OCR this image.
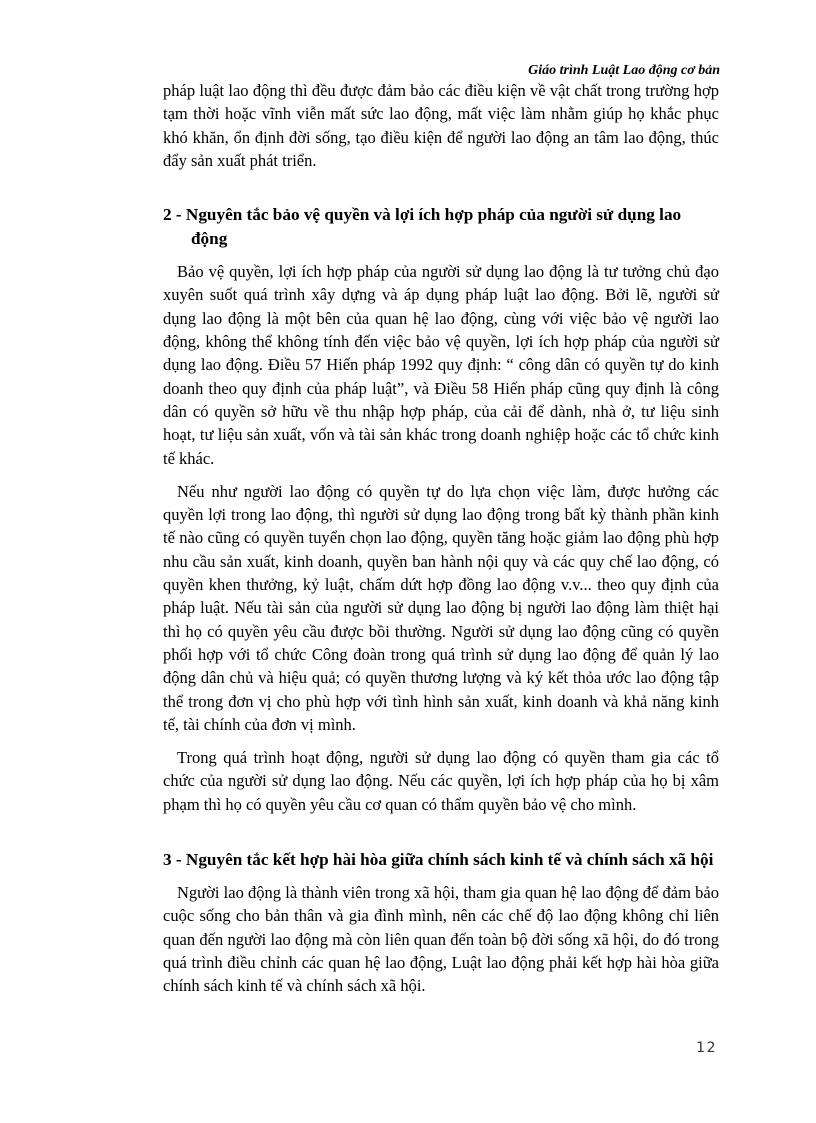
Giáo trình Luật Lao động cơ bản

pháp luật lao động thì đều được đảm bảo các điều kiện về vật chất trong trường hợp tạm thời hoặc vĩnh viễn mất sức lao động, mất việc làm nhằm giúp họ khắc phục khó khăn, ổn định đời sống, tạo điều kiện để người lao động an tâm lao động, thúc đẩy sản xuất phát triển.

2 - Nguyên tắc bảo vệ quyền và lợi ích hợp pháp của người sử dụng lao động

Bảo vệ quyền, lợi ích hợp pháp của người sử dụng lao động là tư tưởng chủ đạo xuyên suốt quá trình xây dựng và áp dụng pháp luật lao động. Bởi lẽ, người sử dụng lao động là một bên của quan hệ lao động, cùng với việc bảo vệ người lao động, không thể không tính đến việc bảo vệ quyền, lợi ích hợp pháp của người sử dụng lao động. Điều 57 Hiến pháp 1992 quy định: “ công dân có quyền tự do kinh doanh theo quy định của pháp luật”, và Điều 58 Hiến pháp cũng quy định là công dân có quyền sở hữu về thu nhập hợp pháp, của cải để dành, nhà ở, tư liệu sinh hoạt, tư liệu sản xuất, vốn và tài sản khác trong doanh nghiệp hoặc các tổ chức kinh tế khác.

Nếu như người lao động có quyền tự do lựa chọn việc làm, được hưởng các quyền lợi trong lao động, thì người sử dụng lao động trong bất kỳ thành phần kinh tế nào cũng có quyền tuyển chọn lao động, quyền tăng hoặc giảm lao động phù hợp nhu cầu sản xuất, kinh doanh, quyền ban hành nội quy và các quy chế lao động, có quyền khen thưởng, kỷ luật, chấm dứt hợp đồng lao động v.v... theo quy định của pháp luật. Nếu tài sản của người sử dụng lao động bị người lao động làm thiệt hại thì họ có quyền yêu cầu được bồi thường. Người sử dụng lao động cũng có quyền phối hợp với tổ chức Công đoàn trong quá trình sử dụng lao động để quản lý lao động dân chủ và hiệu quả; có quyền thương lượng và ký kết thỏa ước lao động tập thể trong đơn vị cho phù hợp với tình hình sản xuất, kinh doanh và khả năng kinh tế, tài chính của đơn vị mình.

Trong quá trình hoạt động, người sử dụng lao động có quyền tham gia các tổ chức của người sử dụng lao động. Nếu các quyền, lợi ích hợp pháp của họ bị xâm phạm thì họ có quyền yêu cầu cơ quan có thẩm quyền bảo vệ cho mình.

3 - Nguyên tắc kết hợp hài hòa giữa chính sách kinh tế và chính sách xã hội

Người lao động là thành viên trong xã hội, tham gia quan hệ lao động để đảm bảo cuộc sống cho bản thân và gia đình mình, nên các chế độ lao động không chỉ liên quan đến người lao động mà còn liên quan đến toàn bộ đời sống xã hội, do đó trong quá trình điều chỉnh các quan hệ lao động, Luật lao động phải kết hợp hài hòa giữa chính sách kinh tế và chính sách xã hội.

12
